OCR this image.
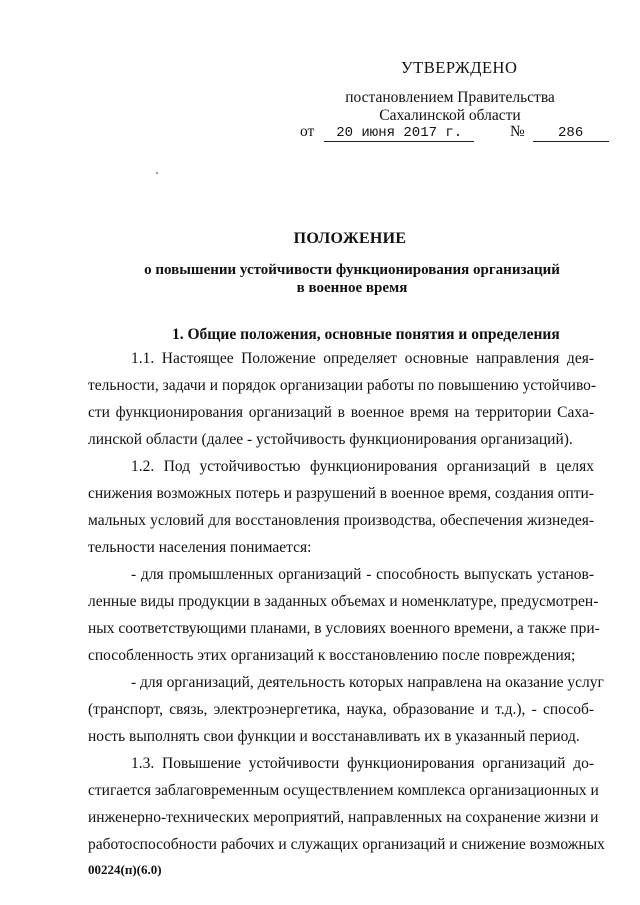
УТВЕРЖДЕНО
постановлением Правительства
Сахалинской области
от 20 июня 2017 г.	№ 286
ПОЛОЖЕНИЕ
о повышении устойчивости функционирования организаций
в военное время
1. Общие положения, основные понятия и определения
1.1. Настоящее Положение определяет основные направления дея-
тельности, задачи и порядок организации работы по повышению устойчиво-
сти функционирования организаций в военное время на территории Саха-
линской области (далее - устойчивость функционирования организаций).
1.2. Под устойчивостью функционирования организаций в целях
снижения возможных потерь и разрушений в военное время, создания опти-
мальных условий для восстановления производства, обеспечения жизнедея-
тельности населения понимается:
- для промышленных организаций - способность выпускать установ-
ленные виды продукции в заданных объемах и номенклатуре, предусмотрен-
ных соответствующими планами, в условиях военного времени, а также при-
способленность этих организаций к восстановлению после повреждения;
- для организаций, деятельность которых направлена на оказание услуг
(транспорт, связь, электроэнергетика, наука, образование и т.д.), - способ-
ность выполнять свои функции и восстанавливать их в указанный период.
1.3. Повышение устойчивости функционирования организаций до-
стигается заблаговременным осуществлением комплекса организационных и
инженерно-технических мероприятий, направленных на сохранение жизни и
работоспособности рабочих и служащих организаций и снижение возможных
00224(п)(6.0)
